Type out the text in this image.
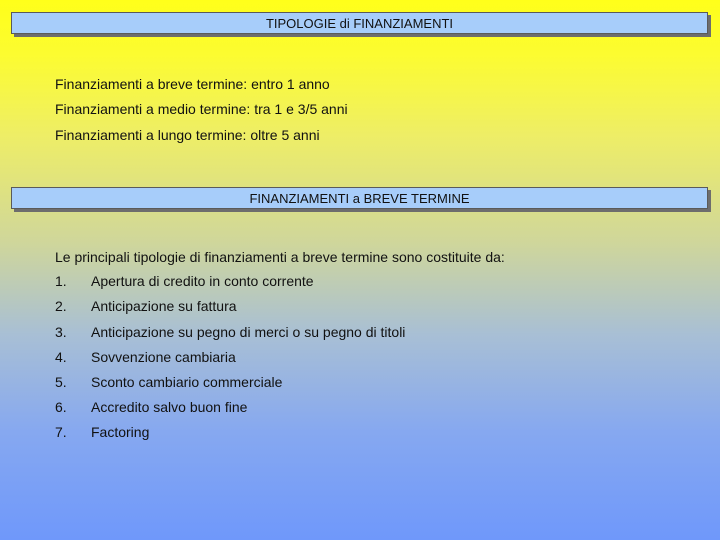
TIPOLOGIE di FINANZIAMENTI
Finanziamenti a breve termine: entro 1 anno
Finanziamenti a medio termine: tra 1 e 3/5 anni
Finanziamenti a lungo termine: oltre 5 anni
FINANZIAMENTI a BREVE TERMINE
Le principali tipologie di finanziamenti a breve termine sono costituite da:
1. Apertura di credito in conto corrente
2. Anticipazione su fattura
3. Anticipazione su pegno di merci o su pegno di titoli
4. Sovvenzione cambiaria
5. Sconto cambiario commerciale
6. Accredito salvo buon fine
7. Factoring
